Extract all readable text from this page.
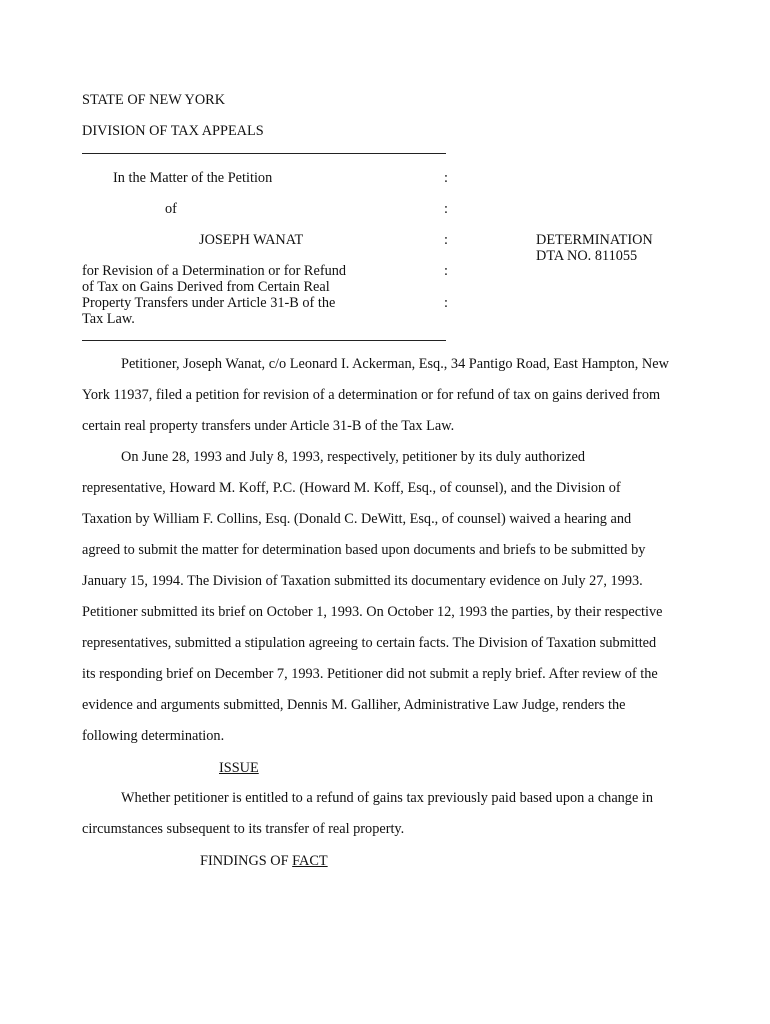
STATE OF NEW YORK
DIVISION OF TAX APPEALS
In the Matter of the Petition	:
of	:
JOSEPH WANAT	:	DETERMINATION
DTA NO. 811055
for Revision of a Determination or for Refund	:
of Tax on Gains Derived from Certain Real
Property Transfers under Article 31-B of the	:
Tax Law.

Petitioner, Joseph Wanat, c/o Leonard I. Ackerman, Esq., 34 Pantigo Road, East Hampton, New York 11937, filed a petition for revision of a determination or for refund of tax on gains derived from certain real property transfers under Article 31-B of the Tax Law.

On June 28, 1993 and July 8, 1993, respectively, petitioner by its duly authorized representative, Howard M. Koff, P.C. (Howard M. Koff, Esq., of counsel), and the Division of Taxation by William F. Collins, Esq. (Donald C. DeWitt, Esq., of counsel) waived a hearing and agreed to submit the matter for determination based upon documents and briefs to be submitted by January 15, 1994. The Division of Taxation submitted its documentary evidence on July 27, 1993. Petitioner submitted its brief on October 1, 1993. On October 12, 1993 the parties, by their respective representatives, submitted a stipulation agreeing to certain facts. The Division of Taxation submitted its responding brief on December 7, 1993. Petitioner did not submit a reply brief. After review of the evidence and arguments submitted, Dennis M. Galliher, Administrative Law Judge, renders the following determination.

ISSUE

Whether petitioner is entitled to a refund of gains tax previously paid based upon a change in circumstances subsequent to its transfer of real property.

FINDINGS OF FACT
